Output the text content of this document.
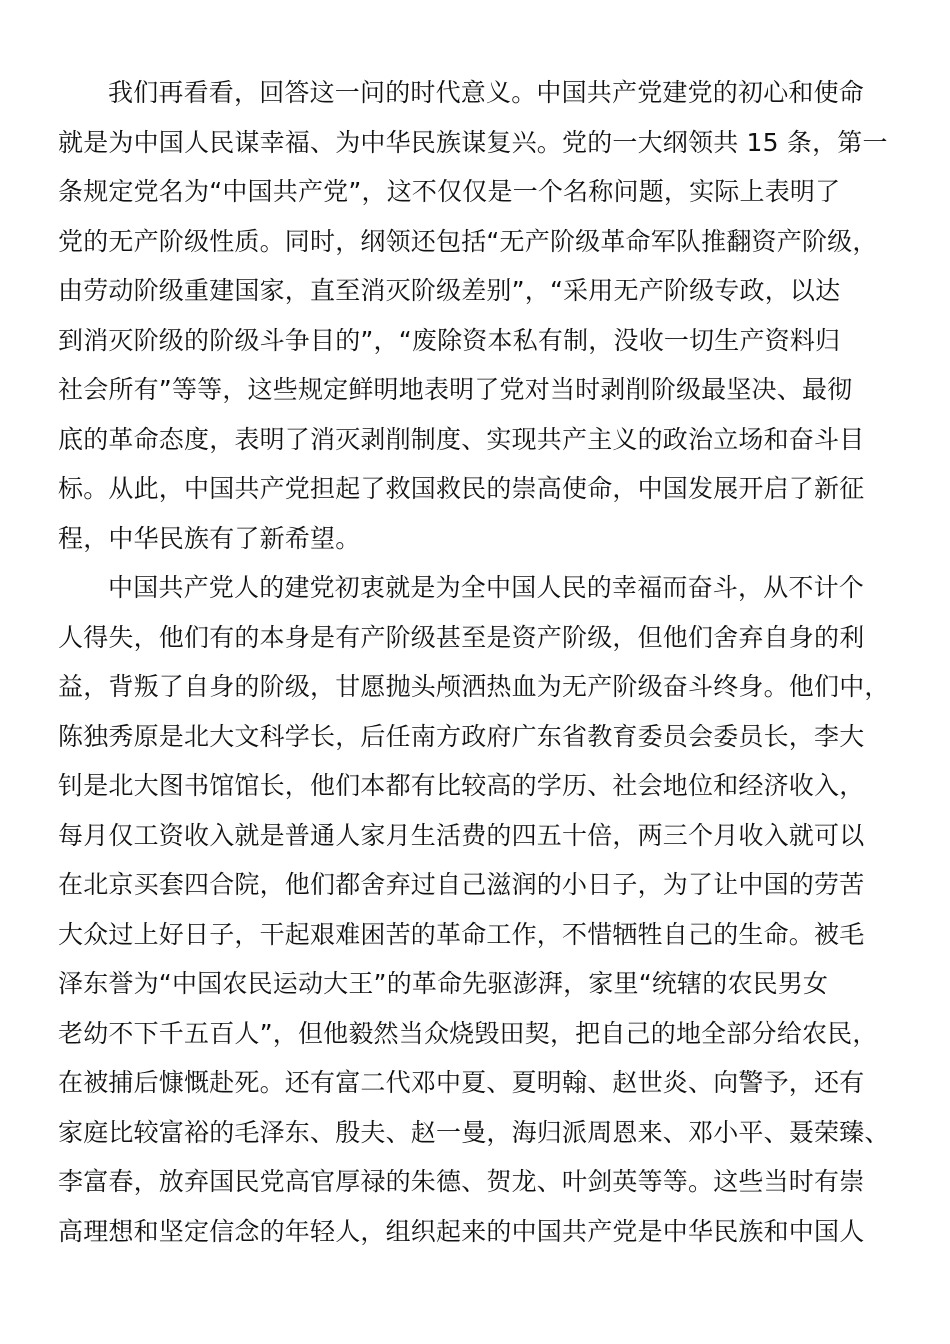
我们再看看，回答这一问的时代意义。中国共产党建党的初心和使命
就是为中国人民谋幸福、为中华民族谋复兴。党的一大纲领共 15 条，第一
条规定党名为“中国共产党”，这不仅仅是一个名称问题，实际上表明了
党的无产阶级性质。同时，纲领还包括“无产阶级革命军队推翻资产阶级，
由劳动阶级重建国家，直至消灭阶级差别”，“采用无产阶级专政，以达
到消灭阶级的阶级斗争目的”，“废除资本私有制，没收一切生产资料归
社会所有”等等，这些规定鲜明地表明了党对当时剥削阶级最坚决、最彻
底的革命态度，表明了消灭剥削制度、实现共产主义的政治立场和奋斗目
标。从此，中国共产党担起了救国救民的崇高使命，中国发展开启了新征
程，中华民族有了新希望。
中国共产党人的建党初衷就是为全中国人民的幸福而奋斗，从不计个
人得失，他们有的本身是有产阶级甚至是资产阶级，但他们舍弃自身的利
益，背叛了自身的阶级，甘愿抛头颅洒热血为无产阶级奋斗终身。他们中，
陈独秀原是北大文科学长，后任南方政府广东省教育委员会委员长，李大
钊是北大图书馆馆长，他们本都有比较高的学历、社会地位和经济收入，
每月仅工资收入就是普通人家月生活费的四五十倍，两三个月收入就可以
在北京买套四合院，他们都舍弃过自己滋润的小日子，为了让中国的劳苦
大众过上好日子，干起艰难困苦的革命工作，不惜牺牲自己的生命。被毛
泽东誉为“中国农民运动大王”的革命先驱澎湃，家里“统辖的农民男女
老幼不下千五百人”，但他毅然当众烧毁田契，把自己的地全部分给农民，
在被捕后慷慨赴死。还有富二代邓中夏、夏明翰、赵世炎、向警予，还有
家庭比较富裕的毛泽东、殷夫、赵一曼，海归派周恩来、邓小平、聂荣臻、
李富春，放弃国民党高官厚禄的朱德、贺龙、叶剑英等等。这些当时有崇
高理想和坚定信念的年轻人，组织起来的中国共产党是中华民族和中国人
